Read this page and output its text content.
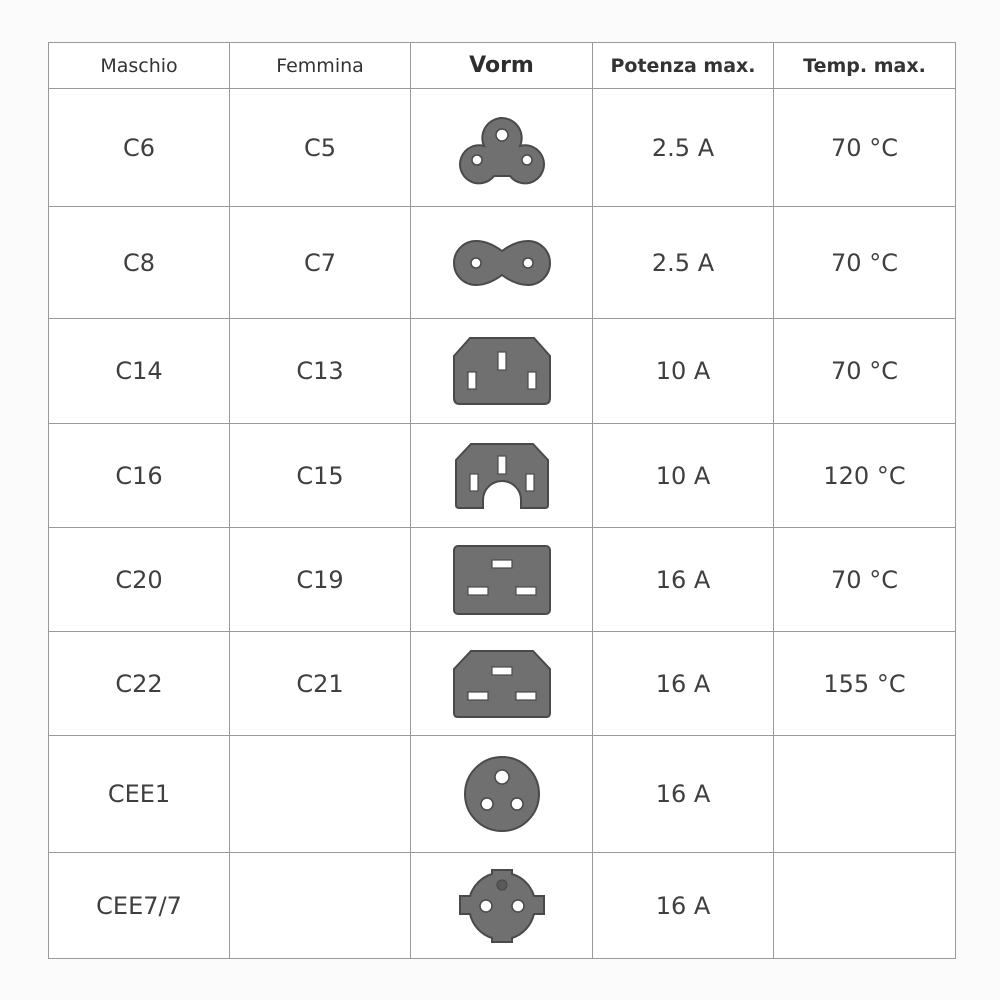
Maschio	Femmina	Vorm	Potenza max.	Temp. max.
C6	C5		2.5 A	70 °C
C8	C7		2.5 A	70 °C
C14	C13		10 A	70 °C
C16	C15		10 A	120 °C
C20	C19		16 A	70 °C
C22	C21		16 A	155 °C
CEE1			16 A	
CEE7/7			16 A	
